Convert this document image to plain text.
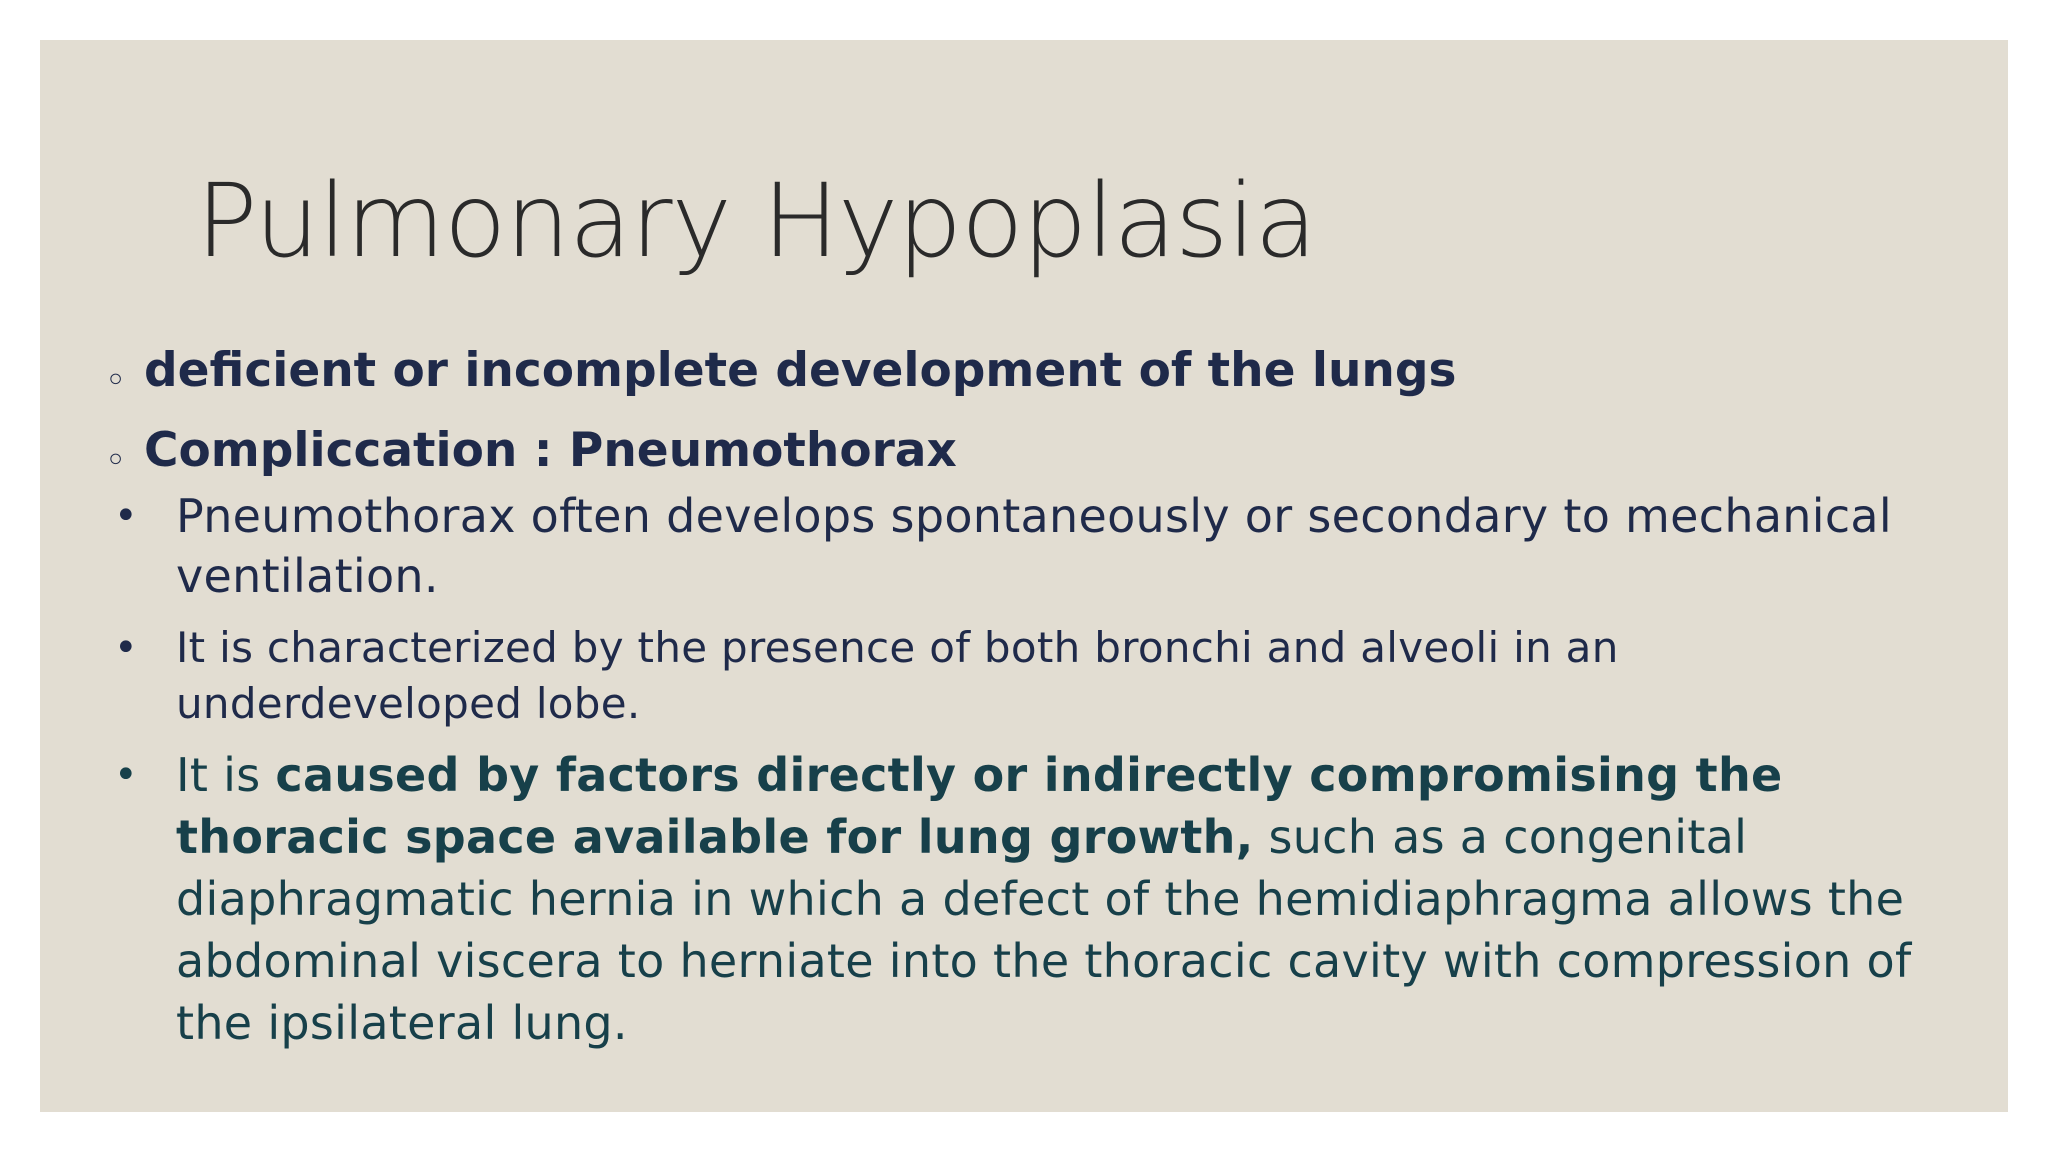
Pulmonary Hypoplasia
◦ deficient or incomplete development of the lungs
◦ Compliccation : Pneumothorax
• Pneumothorax often develops spontaneously or secondary to mechanical ventilation.
• It is characterized by the presence of both bronchi and alveoli in an underdeveloped lobe.
• It is caused by factors directly or indirectly compromising the thoracic space available for lung growth, such as a congenital diaphragmatic hernia in which a defect of the hemidiaphragma allows the abdominal viscera to herniate into the thoracic cavity with compression of the ipsilateral lung.
